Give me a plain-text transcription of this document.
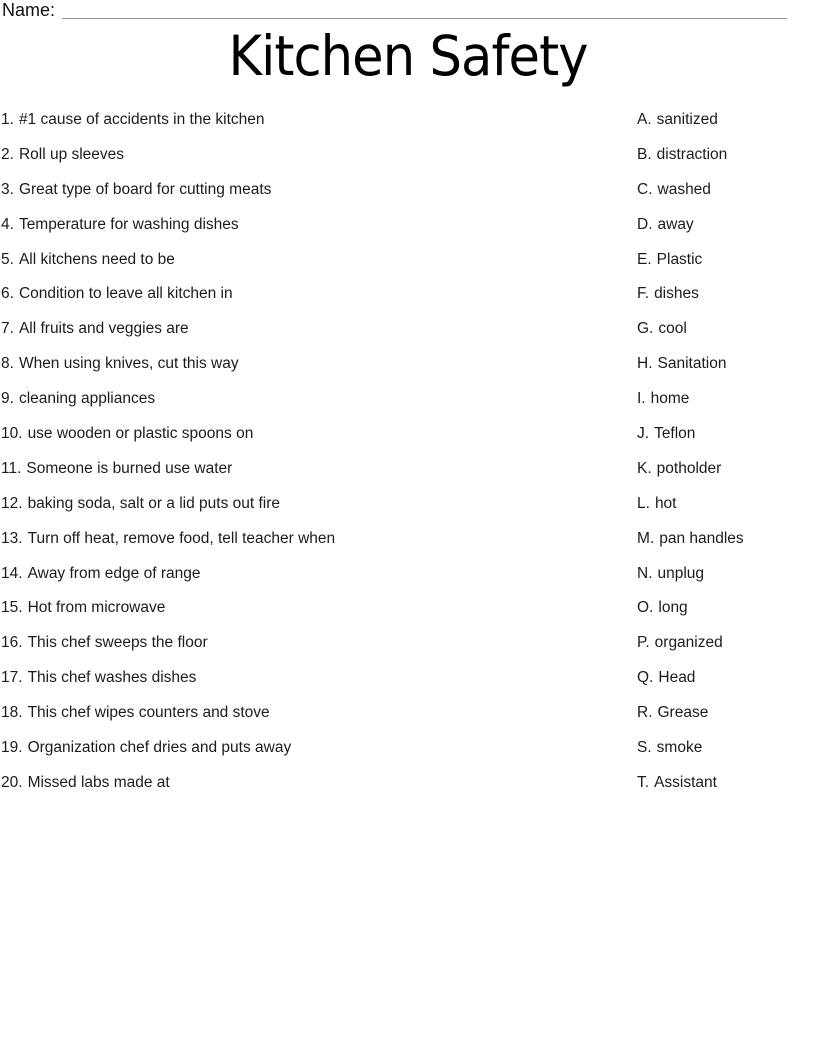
Name:
Kitchen Safety
1. #1 cause of accidents in the kitchen
2. Roll up sleeves
3. Great type of board for cutting meats
4. Temperature for washing dishes
5. All kitchens need to be
6. Condition to leave all kitchen in
7. All fruits and veggies are
8. When using knives, cut this way
9. cleaning appliances
10. use wooden or plastic spoons on
11. Someone is burned use water
12. baking soda, salt or a lid puts out fire
13. Turn off heat, remove food, tell teacher when
14. Away from edge of range
15. Hot from microwave
16. This chef sweeps the floor
17. This chef washes dishes
18. This chef wipes counters and stove
19. Organization chef dries and puts away
20. Missed labs made at
A. sanitized
B. distraction
C. washed
D. away
E. Plastic
F. dishes
G. cool
H. Sanitation
I. home
J. Teflon
K. potholder
L. hot
M. pan handles
N. unplug
O. long
P. organized
Q. Head
R. Grease
S. smoke
T. Assistant
